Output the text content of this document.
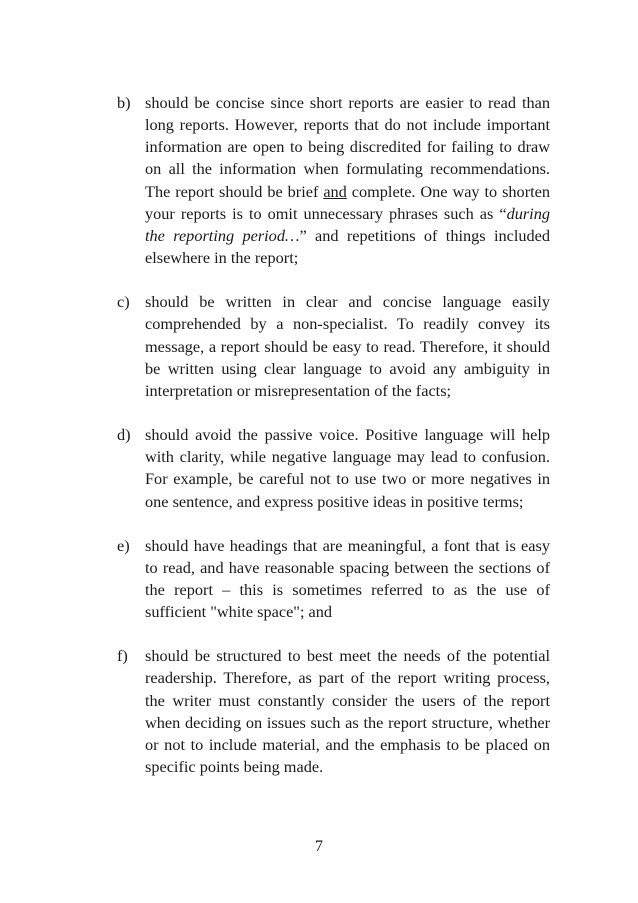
b) should be concise since short reports are easier to read than long reports. However, reports that do not include important information are open to being discredited for failing to draw on all the information when formulating recommendations. The report should be brief and complete. One way to shorten your reports is to omit unnecessary phrases such as “during the reporting period…” and repetitions of things included elsewhere in the report;
c) should be written in clear and concise language easily comprehended by a non-specialist. To readily convey its message, a report should be easy to read. Therefore, it should be written using clear language to avoid any ambiguity in interpretation or misrepresentation of the facts;
d) should avoid the passive voice. Positive language will help with clarity, while negative language may lead to confusion. For example, be careful not to use two or more negatives in one sentence, and express positive ideas in positive terms;
e) should have headings that are meaningful, a font that is easy to read, and have reasonable spacing between the sections of the report – this is sometimes referred to as the use of sufficient "white space"; and
f) should be structured to best meet the needs of the potential readership. Therefore, as part of the report writing process, the writer must constantly consider the users of the report when deciding on issues such as the report structure, whether or not to include material, and the emphasis to be placed on specific points being made.
7
